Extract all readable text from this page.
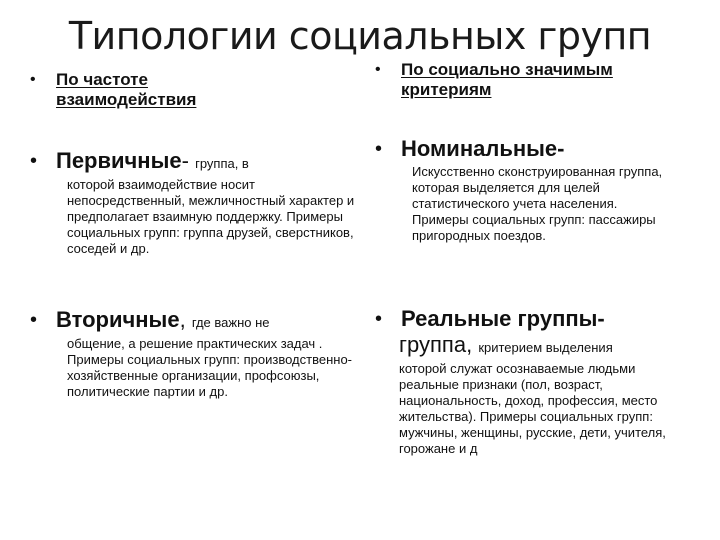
Типологии социальных групп
•	По частоте взаимодействия
• Первичные- группа, в
которой взаимодействие носит непосредственный, межличностный характер и предполагает взаимную поддержку. Примеры социальных групп: группа друзей, сверстников, соседей и др.
• Вторичные, где важно не
общение, а решение практических задач . Примеры социальных групп: производственно-хозяйственные организации, профсоюзы, политические партии и др.
•	По социально значимым критериям
• Номинальные-
Искусственно сконструированная группа, которая выделяется для целей статистического учета населения. Примеры социальных групп: пассажиры пригородных поездов.
• Реальные группы-
группа, критерием выделения
которой служат осознаваемые людьми реальные признаки (пол, возраст, национальность, доход, профессия, место жительства). Примеры социальных групп: мужчины, женщины, русские, дети, учителя, горожане и д
